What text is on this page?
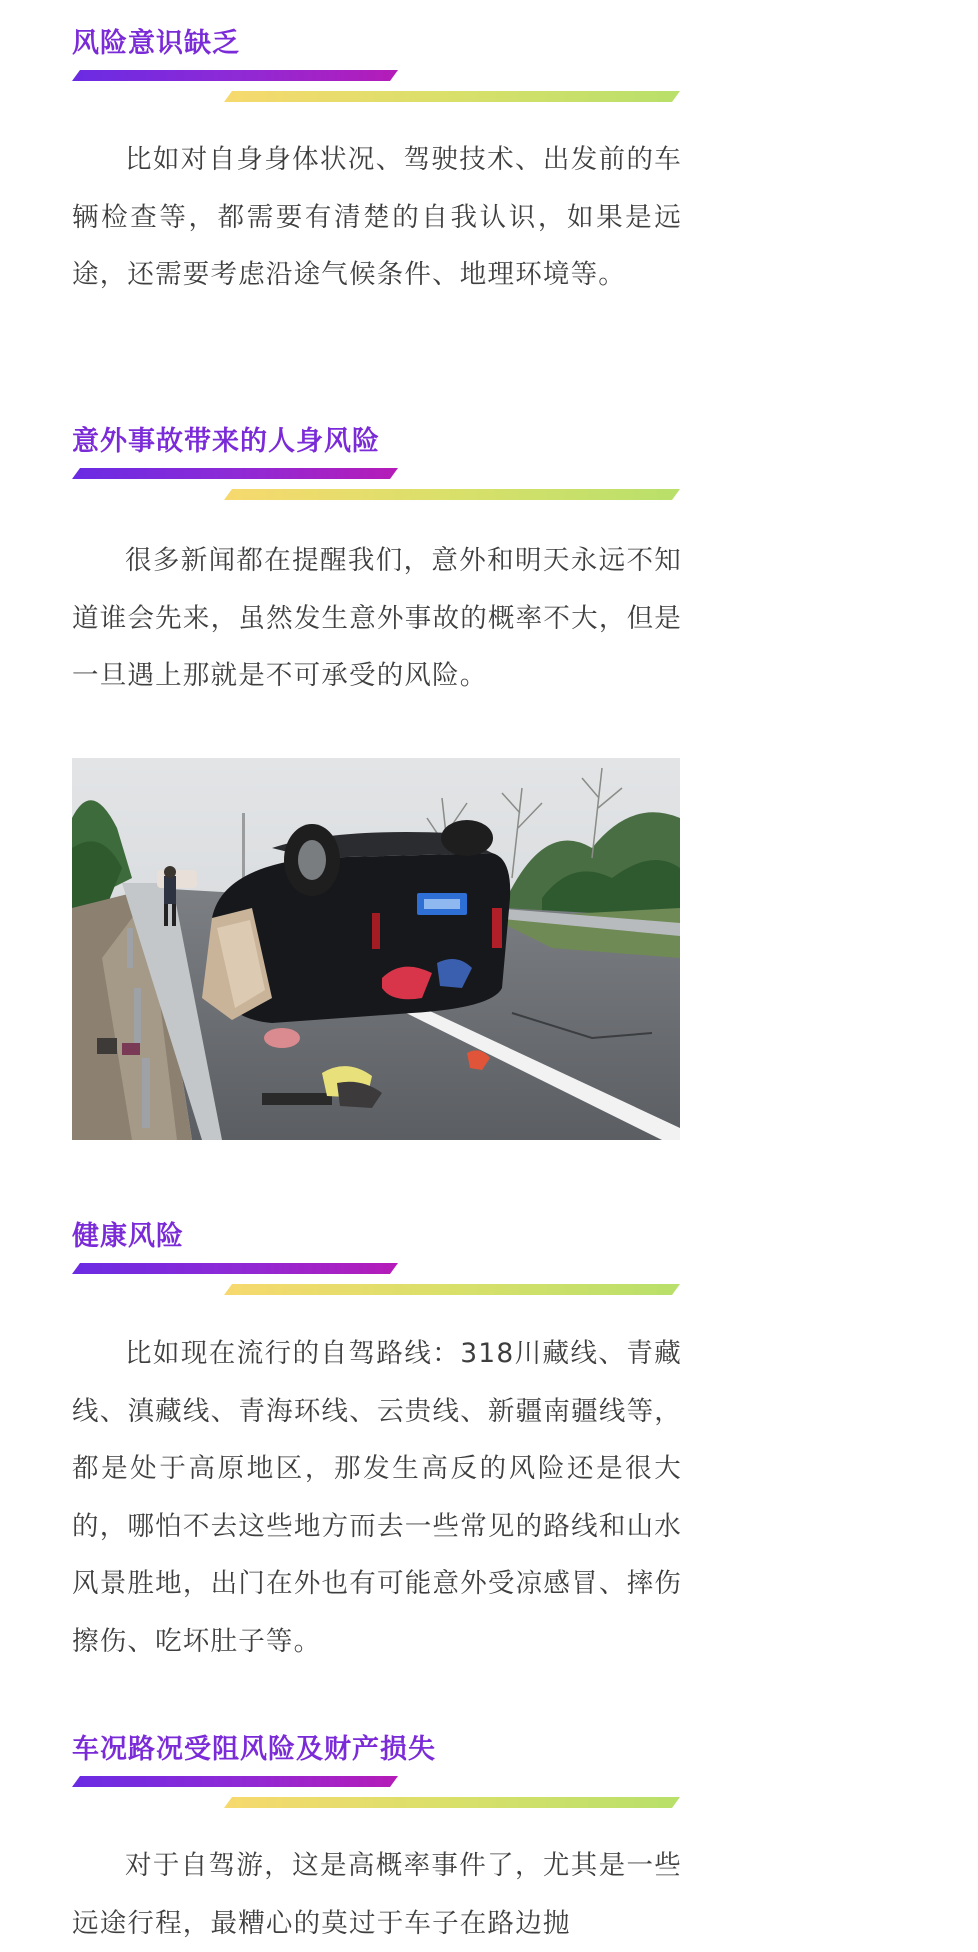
风险意识缺乏

比如对自身身体状况、驾驶技术、出发前的车辆检查等，都需要有清楚的自我认识，如果是远途，还需要考虑沿途气候条件、地理环境等。

意外事故带来的人身风险

很多新闻都在提醒我们，意外和明天永远不知道谁会先来，虽然发生意外事故的概率不大，但是一旦遇上那就是不可承受的风险。

健康风险

比如现在流行的自驾路线：318川藏线、青藏线、滇藏线、青海环线、云贵线、新疆南疆线等，都是处于高原地区，那发生高反的风险还是很大的，哪怕不去这些地方而去一些常见的路线和山水风景胜地，出门在外也有可能意外受凉感冒、摔伤擦伤、吃坏肚子等。

车况路况受阻风险及财产损失

对于自驾游，这是高概率事件了，尤其是一些远途行程，最糟心的莫过于车子在路边抛
